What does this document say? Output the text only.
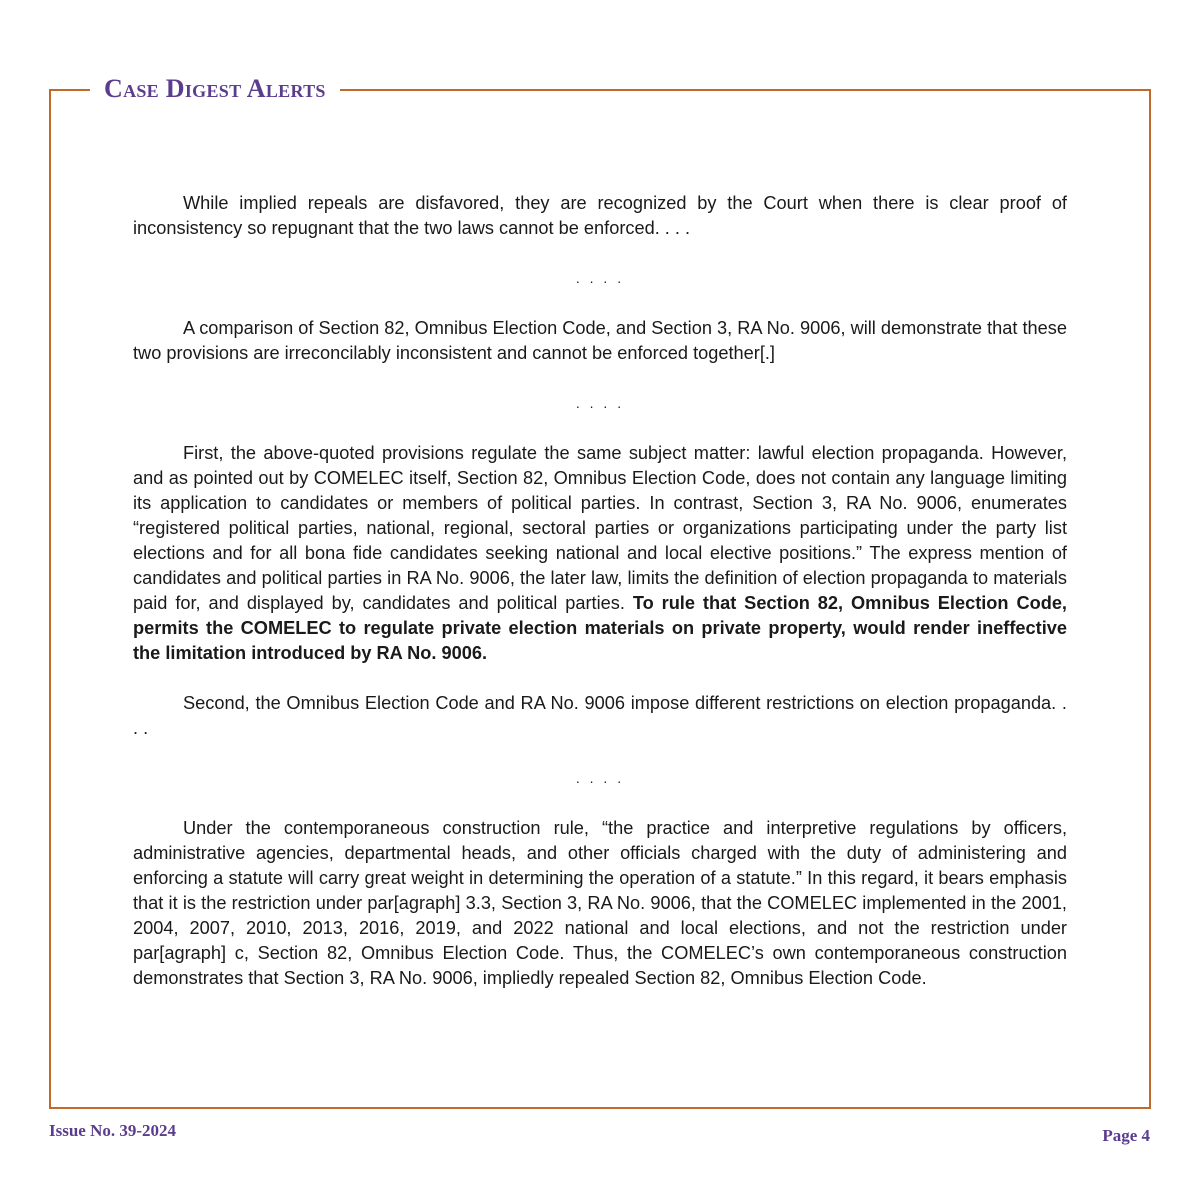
Case Digest Alerts

While implied repeals are disfavored, they are recognized by the Court when there is clear proof of inconsistency so repugnant that the two laws cannot be enforced. . . .

. . . .

A comparison of Section 82, Omnibus Election Code, and Section 3, RA No. 9006, will demonstrate that these two provisions are irreconcilably inconsistent and cannot be enforced together[.]

. . . .

First, the above-quoted provisions regulate the same subject matter: lawful election propaganda. However, and as pointed out by COMELEC itself, Section 82, Omnibus Election Code, does not contain any language limiting its application to candidates or members of political parties. In contrast, Section 3, RA No. 9006, enumerates “registered political parties, national, regional, sectoral parties or organizations participating under the party list elections and for all bona fide candidates seeking national and local elective positions.” The express mention of candidates and political parties in RA No. 9006, the later law, limits the definition of election propaganda to materials paid for, and displayed by, candidates and political parties. To rule that Section 82, Omnibus Election Code, permits the COMELEC to regulate private election materials on private property, would render ineffective the limitation introduced by RA No. 9006.

Second, the Omnibus Election Code and RA No. 9006 impose different restrictions on election propaganda. . . .

. . . .

Under the contemporaneous construction rule, “the practice and interpretive regulations by officers, administrative agencies, departmental heads, and other officials charged with the duty of administering and enforcing a statute will carry great weight in determining the operation of a statute.” In this regard, it bears emphasis that it is the restriction under par[agraph] 3.3, Section 3, RA No. 9006, that the COMELEC implemented in the 2001, 2004, 2007, 2010, 2013, 2016, 2019, and 2022 national and local elections, and not the restriction under par[agraph] c, Section 82, Omnibus Election Code. Thus, the COMELEC’s own contemporaneous construction demonstrates that Section 3, RA No. 9006, impliedly repealed Section 82, Omnibus Election Code.

Issue No. 39-2024	Page 4
